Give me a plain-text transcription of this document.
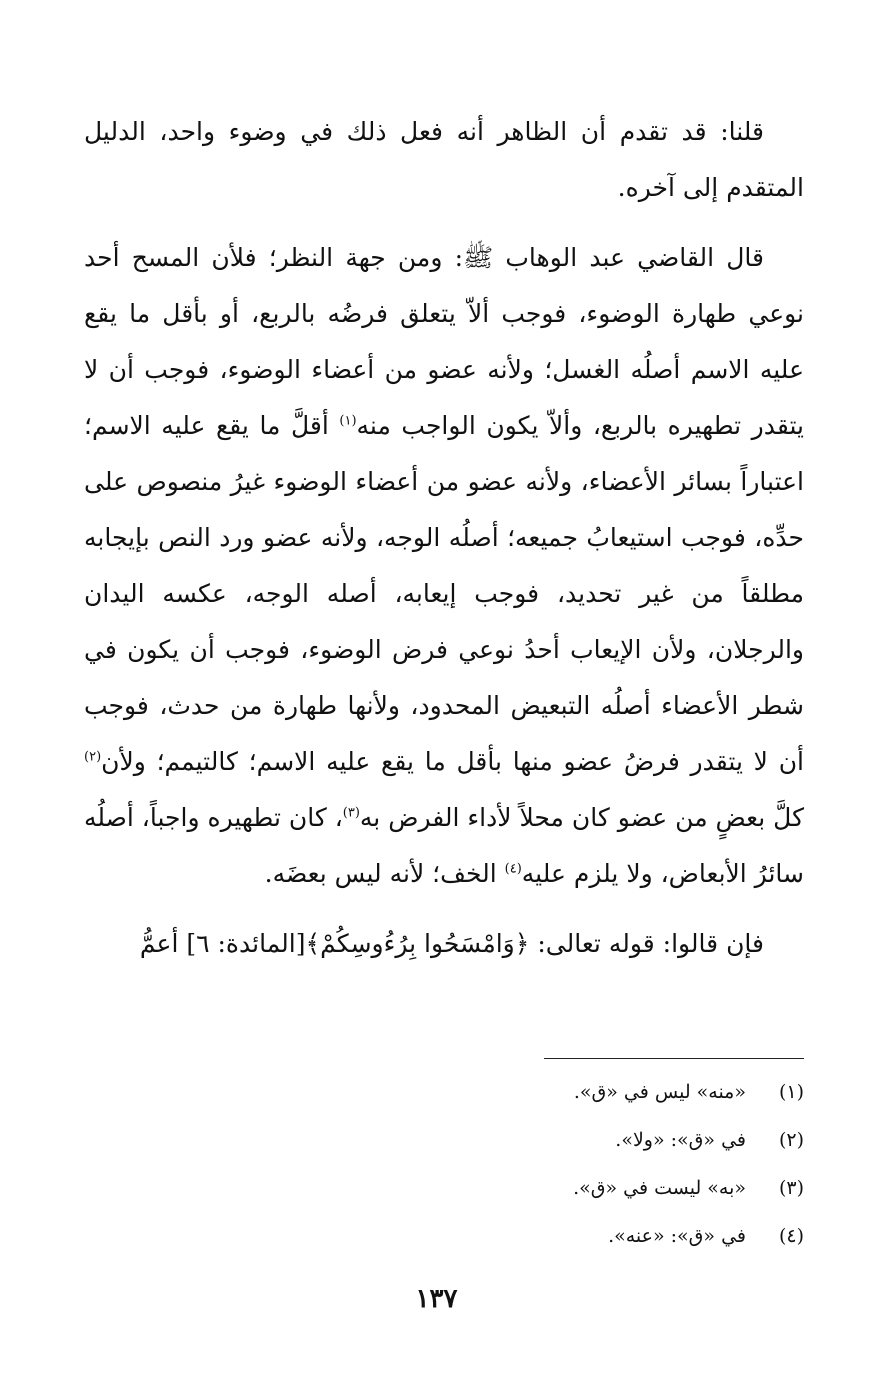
قلنا: قد تقدم أن الظاهر أنه فعل ذلك في وضوء واحد، الدليل المتقدم إلى آخره.

قال القاضي عبد الوهاب ﷺ: ومن جهة النظر؛ فلأن المسح أحد نوعي طهارة الوضوء، فوجب ألاّ يتعلق فرضُه بالربع، أو بأقل ما يقع عليه الاسم أصلُه الغسل؛ ولأنه عضو من أعضاء الوضوء، فوجب أن لا يتقدر تطهيره بالربع، وألاّ يكون الواجب منه$^{(١)}$ أقلَّ ما يقع عليه الاسم؛ اعتباراً بسائر الأعضاء، ولأنه عضو من أعضاء الوضوء غيرُ منصوص على حدِّه، فوجب استيعابُ جميعه؛ أصلُه الوجه، ولأنه عضو ورد النص بإيجابه مطلقاً من غير تحديد، فوجب إيعابه، أصله الوجه، عكسه اليدان والرجلان، ولأن الإيعاب أحدُ نوعي فرض الوضوء، فوجب أن يكون في شطر الأعضاء أصلُه التبعيض المحدود، ولأنها طهارة من حدث، فوجب أن لا يتقدر فرضُ عضو منها بأقل ما يقع عليه الاسم؛ كالتيمم؛ ولأن$^{(٢)}$ كلَّ بعضٍ من عضو كان محلاً لأداء الفرض به$^{(٣)}$، كان تطهيره واجباً، أصلُه سائرُ الأبعاض، ولا يلزم عليه$^{(٤)}$ الخف؛ لأنه ليس بعضَه.

فإن قالوا: قوله تعالى: ﴿وَامْسَحُوا بِرُءُوسِكُمْ﴾[المائدة: ٦] أعمُّ

(١)«منه» ليس في «ق».
(٢)في «ق»: «ولا».
(٣)«به» ليست في «ق».
(٤)في «ق»: «عنه».
١٣٧
